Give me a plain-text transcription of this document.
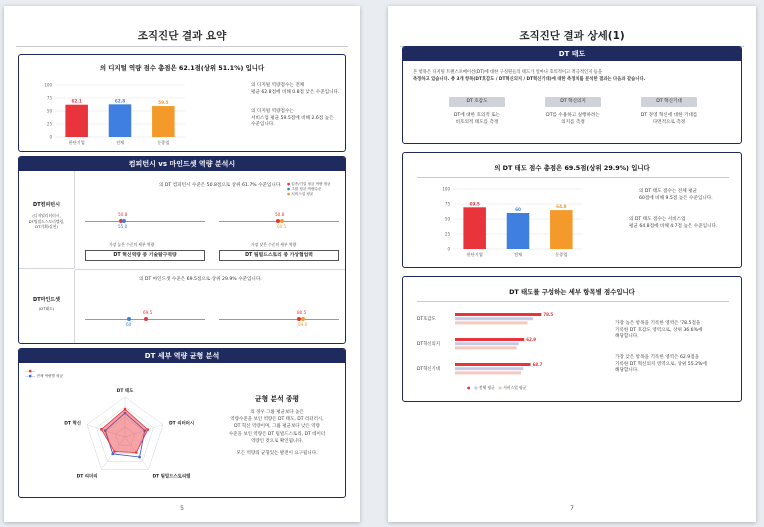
조직진단 결과 요약
의 디지털 역량 점수 총점은 62.1점(상위 51.1%) 입니다
0
25
50
75
100
62.1
한단기업
62.8
전체
59.5
동종업
의 디지털 역량점수는 전체
평균 62.8점에 비해 0.8점 낮은 수준입니다.
의 디지털 역량점수는
서비스업 평균 59.5점에 비해 2.6점 높은
수준입니다.
컴피턴시 vs 마인드셋 역량 분석시
DT컴피턴시
(디지털리터러시,
DT팀빌드스토리텔링,
DT기획/실천)
의 DT 컴피턴시 수준은 50.8점으로 상위 61.7% 수준입니다. ● 업종/기업 평균 역량 평균
● 그룹 평균 역량수준
● 서비스업 평균
50.8
55.0
가장 높은 수준의 세부 역량
DT 혁신역량 중 기술탐구역량
50.8
60.5
가장 낮은 수준의 세부 역량
DT 팀빌드스토리 중 가상협업력
DT마인드셋
(DT태도)
의 DT 마인드셋 수준은 69.5점으로 상위 29.9% 수준입니다.
69.5
60
80.5
94.0
DT 세부 역량 균형 분석
—●—
—●— 전체 역량별 평균
DT 태도
DT 리터러시
DT 팀빌드스토리텔
DT 리더리
DT 혁신
균형 분석 종평
의 경우 그룹 평균보다 높은
역량수준을 보인 역량은 DT 태도, DT 리터러시,
DT 혁신 역량이며, 그룹 평균보다 낮은 역량
수준을 보인 역량은 DT 팀빌드스토리, DT 데이터
역량인 것으로 확인됩니다.
모든 역량의 균형있는 발전이 요구됩니다.
5
조직진단 결과 상세(1)
DT 태도
본 항목은 디지털 트랜스포메이션(DT)에 대한 구성원들의 태도가 얼마나 호의적이고 적극적인지 등을
측정하고 있습니다. 총 3개 항목(DT호감도 / DT혁신의지 / DT혁신기대)에 대한 측정치를 분석한 결과는 다음과 같습니다.
DT 호감도	DT 혁신의지	DT 혁신기대
DT에 대한 호의적 또는
비호의적 태도를 측정
DT를 수용하고 실행하려는
의지를 측정
DT 경영 혁신에 대한 기대를
다면적으로 측정
의 DT 태도 점수 총점은 69.5점(상위 29.9%) 입니다
0
25
50
75
100
69.5
한단기업
60
전체
64.8
동종업
의 DT 태도 점수는 전체 평균
60점에 비해 9.5점 높은 수준입니다.
의 DT 태도 점수는 서비스업
평균 64.8점에 비해 4.7점 높은 수준입니다.
DT 태도를 구성하는 세부 항목별 점수입니다
DT호감도
78.5
DT혁신의지
62.9
DT혁신기대
68.7
● ■ 전체 평균 ■ 서비스업 평균
가장 높은 항목을 기록한 영역은 '78.5점을
기록한 DT 호감도 영역으로, 상위 36.6%에
해당합니다.
가장 낮은 항목을 기록한 영역은 62.9점을
기록한 DT 혁신의지 영역으로, 상위 55.2%에
해당합니다.
7
